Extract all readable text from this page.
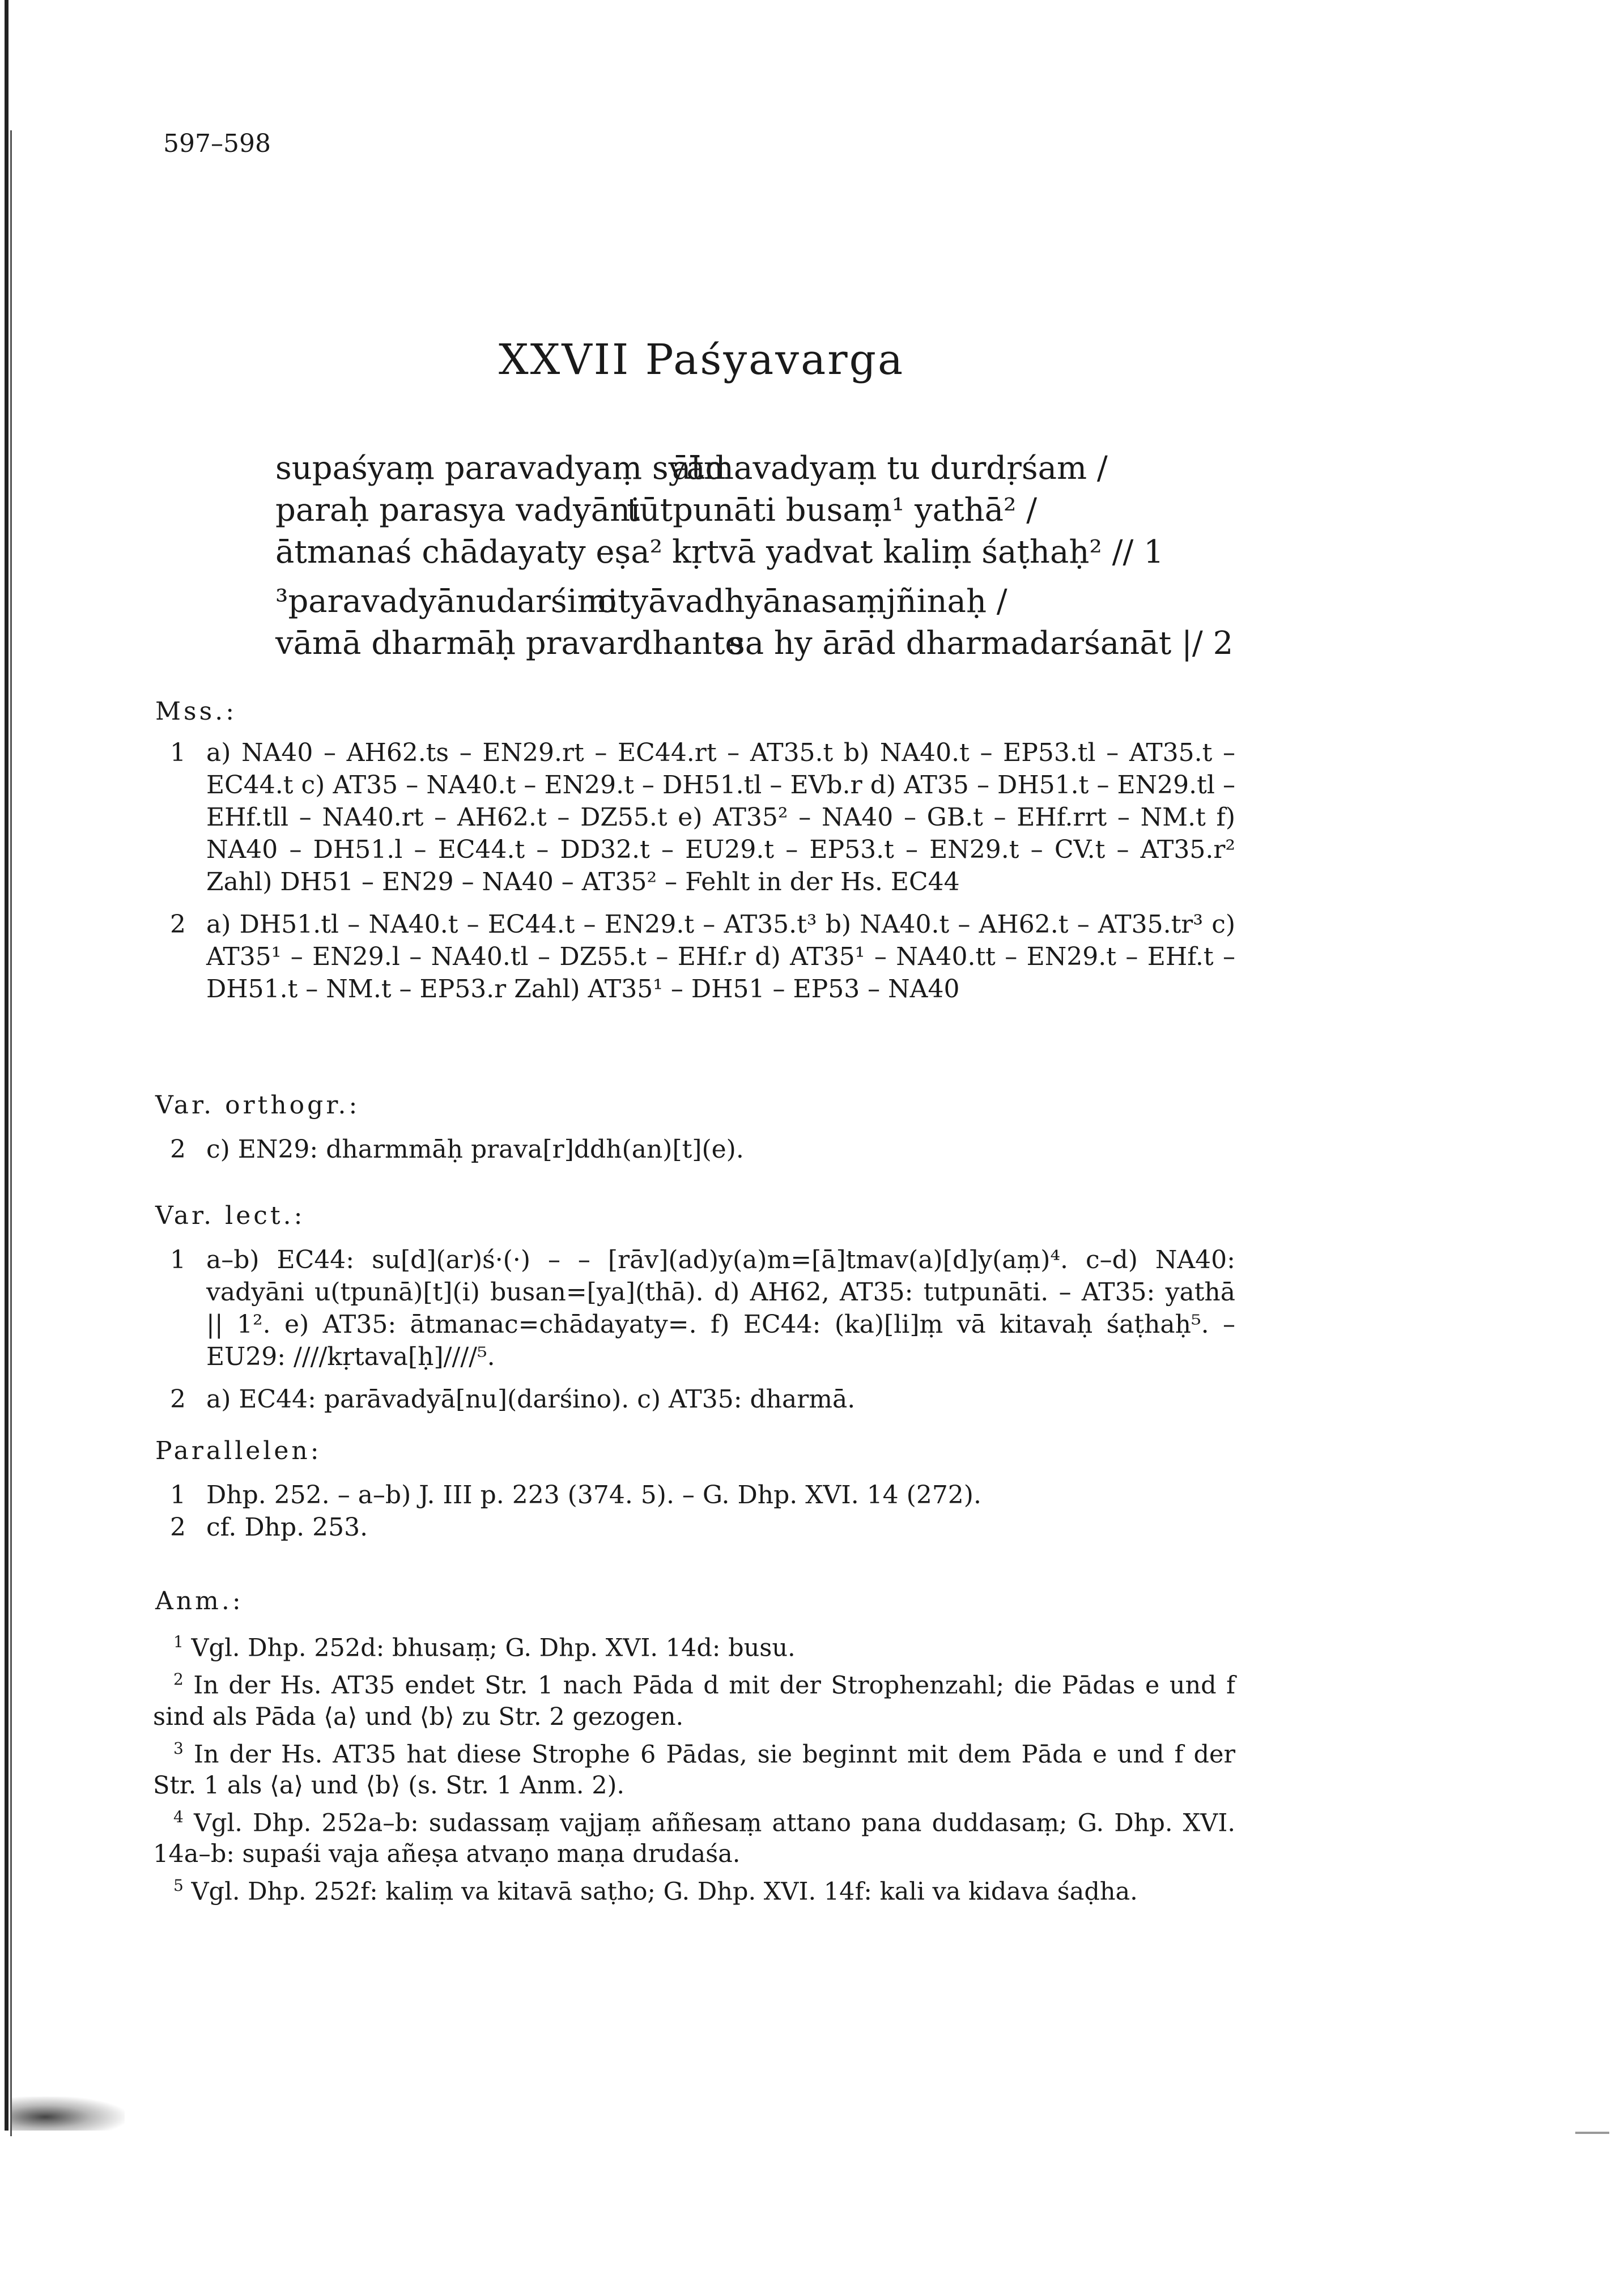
597–598
XXVII Paśyavarga
supaśyaṃ paravadyaṃ syād
ātmavadyaṃ tu durdṛśam /
paraḥ parasya vadyāni
tūtpunāti busaṃ¹ yathā² /
ātmanaś chādayaty eṣa² kṛtvā yadvat kaliṃ śaṭhaḥ² // 1
³paravadyānudarśino
nityāvadhyānasaṃjñinaḥ /
vāmā dharmāḥ pravardhante
sa hy ārād dharmadarśanāt |/ 2
Mss.:
1 a) NA40 – AH62.ts – EN29.rt – EC44.rt – AT35.t b) NA40.t – EP53.tl – AT35.t – EC44.t c) AT35 – NA40.t – EN29.t – DH51.tl – EVb.r d) AT35 – DH51.t – EN29.tl – EHf.tll – NA40.rt – AH62.t – DZ55.t e) AT35² – NA40 – GB.t – EHf.rrt – NM.t f) NA40 – DH51.l – EC44.t – DD32.t – EU29.t – EP53.t – EN29.t – CV.t – AT35.r² Zahl) DH51 – EN29 – NA40 – AT35² – Fehlt in der Hs. EC44
2 a) DH51.tl – NA40.t – EC44.t – EN29.t – AT35.t³ b) NA40.t – AH62.t – AT35.tr³ c) AT35¹ – EN29.l – NA40.tl – DZ55.t – EHf.r d) AT35¹ – NA40.tt – EN29.t – EHf.t – DH51.t – NM.t – EP53.r Zahl) AT35¹ – DH51 – EP53 – NA40
Var. orthogr.:
2 c) EN29: dharmmāḥ prava[r]ddh(an)[t](e).
Var. lect.:
1 a–b) EC44: su[d](ar)ś·(·) – – [rāv](ad)y(a)m=[ā]tmav(a)[d]y(aṃ)⁴. c–d) NA40: vadyāni u(tpunā)[t](i) busan=[ya](thā). d) AH62, AT35: tutpunāti. – AT35: yathā || 1². e) AT35: ātmanac=chādayaty=. f) EC44: (ka)[li]ṃ vā kitavaḥ śaṭhaḥ⁵. – EU29: ////kṛtava[ḥ]////⁵.
2 a) EC44: parāvadyā[nu](darśino). c) AT35: dharmā.
Parallelen:
1 Dhp. 252. – a–b) J. III p. 223 (374. 5). – G. Dhp. XVI. 14 (272).
2 cf. Dhp. 253.
Anm.:
$^1$ Vgl. Dhp. 252d: bhusaṃ; G. Dhp. XVI. 14d: busu.
$^2$ In der Hs. AT35 endet Str. 1 nach Pāda d mit der Strophenzahl; die Pādas e und f sind als Pāda ⟨a⟩ und ⟨b⟩ zu Str. 2 gezogen.
$^3$ In der Hs. AT35 hat diese Strophe 6 Pādas, sie beginnt mit dem Pāda e und f der Str. 1 als ⟨a⟩ und ⟨b⟩ (s. Str. 1 Anm. 2).
$^4$ Vgl. Dhp. 252a–b: sudassaṃ vajjaṃ aññesaṃ attano pana duddasaṃ; G. Dhp. XVI. 14a–b: supaśi vaja añeṣa atvaṇo maṇa drudaśa.
$^5$ Vgl. Dhp. 252f: kaliṃ va kitavā saṭho; G. Dhp. XVI. 14f: kali va kidava śaḍha.
